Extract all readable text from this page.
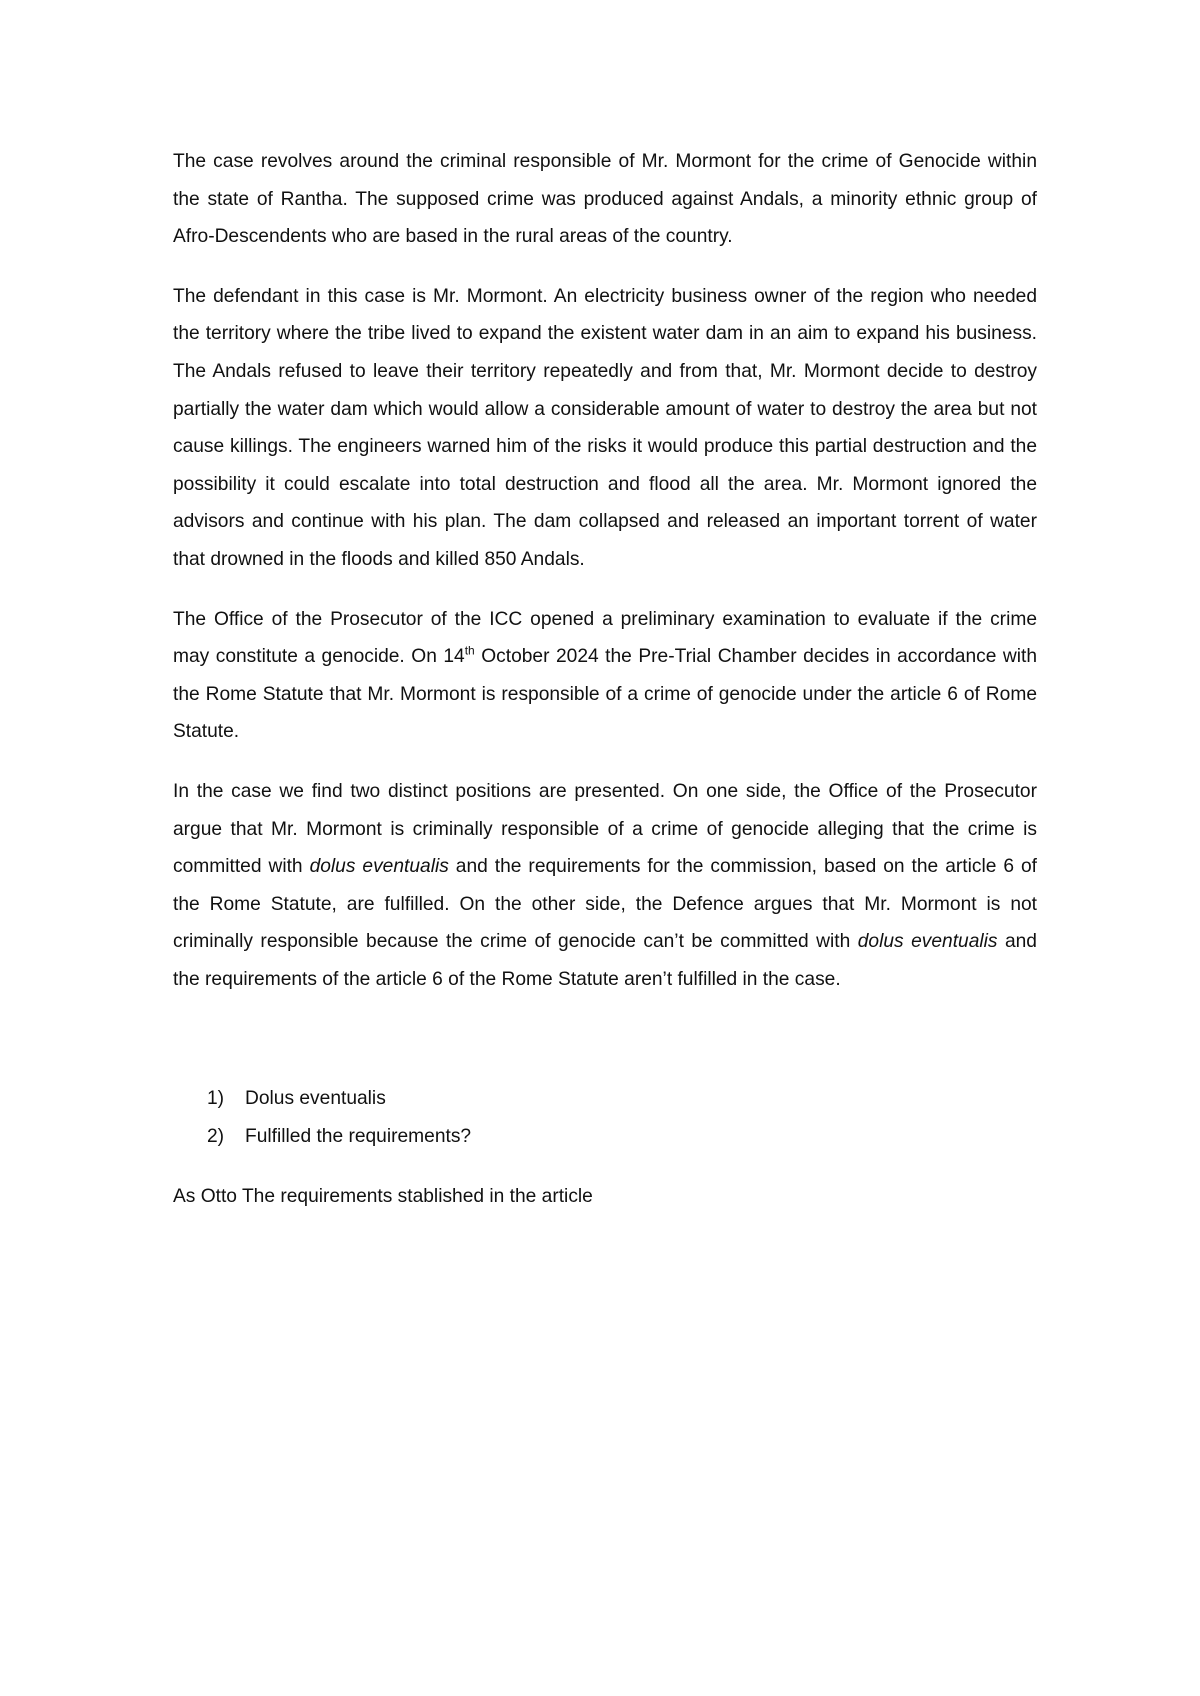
The case revolves around the criminal responsible of Mr. Mormont for the crime of Genocide within the state of Rantha. The supposed crime was produced against Andals, a minority ethnic group of Afro-Descendents who are based in the rural areas of the country.

The defendant in this case is Mr. Mormont. An electricity business owner of the region who needed the territory where the tribe lived to expand the existent water dam in an aim to expand his business. The Andals refused to leave their territory repeatedly and from that, Mr. Mormont decide to destroy partially the water dam which would allow a considerable amount of water to destroy the area but not cause killings. The engineers warned him of the risks it would produce this partial destruction and the possibility it could escalate into total destruction and flood all the area. Mr. Mormont ignored the advisors and continue with his plan. The dam collapsed and released an important torrent of water that drowned in the floods and killed 850 Andals.

The Office of the Prosecutor of the ICC opened a preliminary examination to evaluate if the crime may constitute a genocide. On 14th October 2024 the Pre-Trial Chamber decides in accordance with the Rome Statute that Mr. Mormont is responsible of a crime of genocide under the article 6 of Rome Statute.

In the case we find two distinct positions are presented. On one side, the Office of the Prosecutor argue that Mr. Mormont is criminally responsible of a crime of genocide alleging that the crime is committed with dolus eventualis and the requirements for the commission, based on the article 6 of the Rome Statute, are fulfilled. On the other side, the Defence argues that Mr. Mormont is not criminally responsible because the crime of genocide can’t be committed with dolus eventualis and the requirements of the article 6 of the Rome Statute aren’t fulfilled in the case.

1) Dolus eventualis
2) Fulfilled the requirements?

As Otto The requirements stablished in the article
